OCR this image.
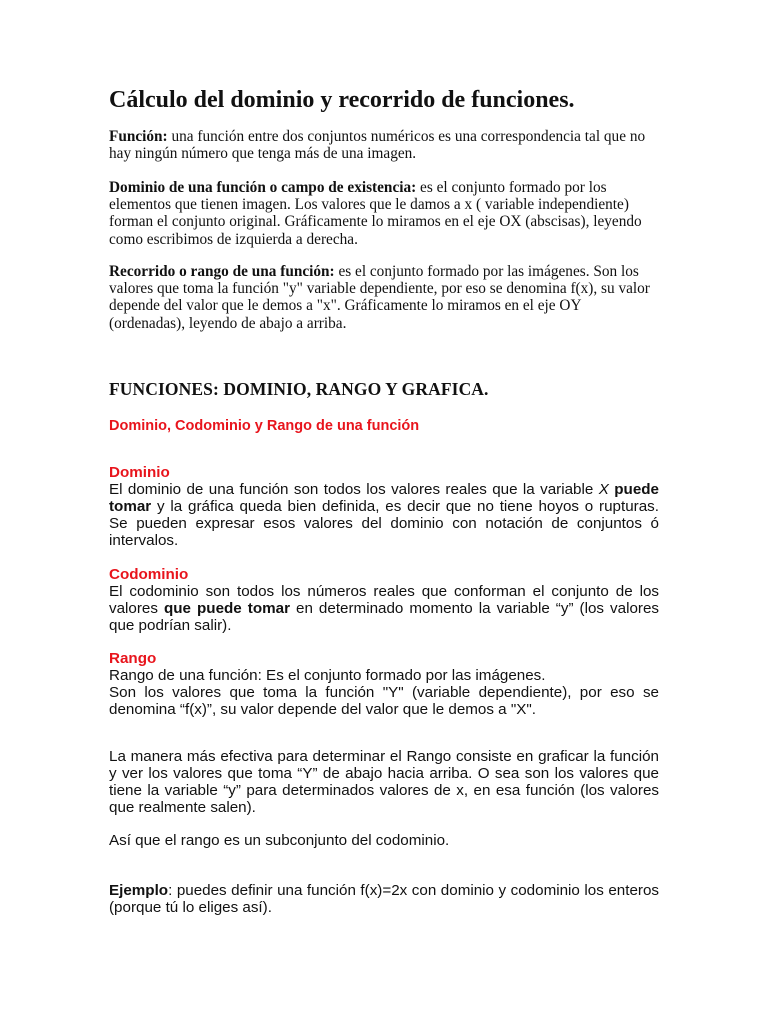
Cálculo del dominio y recorrido de funciones.

Función: una función entre dos conjuntos numéricos es una correspondencia tal que no hay ningún número que tenga más de una imagen.

Dominio de una función o campo de existencia: es el conjunto formado por los elementos que tienen imagen. Los valores que le damos a x ( variable independiente) forman el conjunto original. Gráficamente lo miramos en el eje OX (abscisas), leyendo como escribimos de izquierda a derecha.

Recorrido o rango de una función: es el conjunto formado por las imágenes. Son los valores que toma la función "y" variable dependiente, por eso se denomina f(x), su valor depende del valor que le demos a "x". Gráficamente lo miramos en el eje OY (ordenadas), leyendo de abajo a arriba.

FUNCIONES: DOMINIO, RANGO Y GRAFICA.
Dominio, Codominio y Rango de una función
Dominio

El dominio de una función son todos los valores reales que la variable X puede tomar y la gráfica queda bien definida, es decir que no tiene hoyos o rupturas. Se pueden expresar esos valores del dominio con notación de conjuntos ó intervalos.

Codominio

El codominio son todos los números reales que conforman el conjunto de los valores que puede tomar en determinado momento la variable “y” (los valores que podrían salir).

Rango

Rango de una función: Es el conjunto formado por las imágenes.

Son los valores que toma la función "Y" (variable dependiente), por eso se denomina “f(x)”, su valor depende del valor que le demos a "X".

La manera más efectiva para determinar el Rango consiste en graficar la función y ver los valores que toma “Y” de abajo hacia arriba. O sea son los valores que tiene la variable “y” para determinados valores de x, en esa función (los valores que realmente salen).

Así que el rango es un subconjunto del codominio.

Ejemplo: puedes definir una función f(x)=2x con dominio y codominio los enteros (porque tú lo eliges así).
